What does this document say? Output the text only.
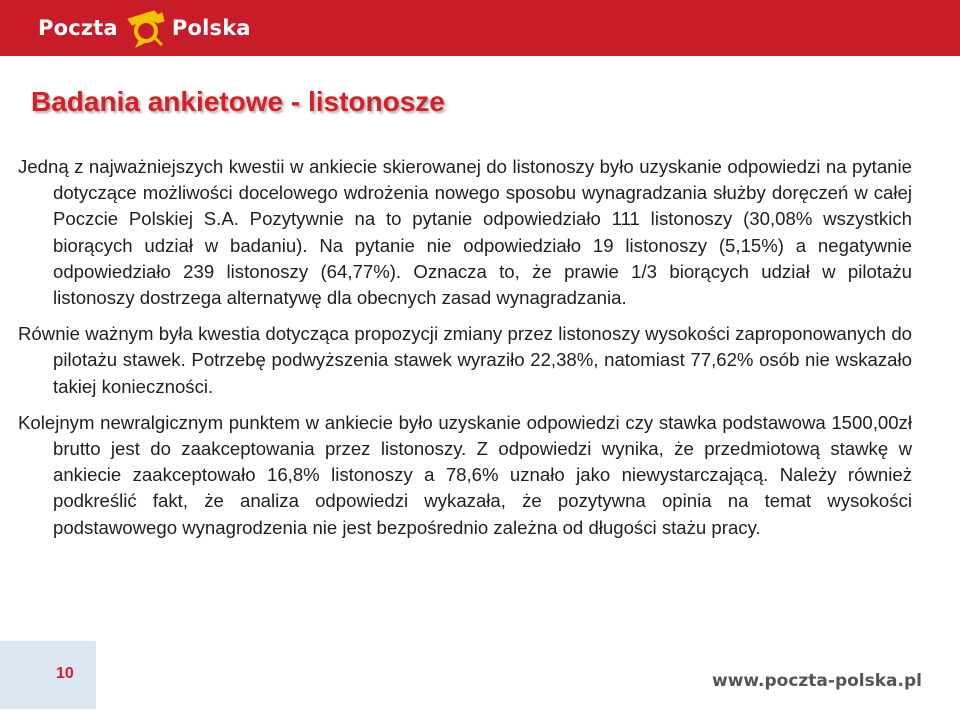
Poczta	Polska
Badania ankietowe - listonosze

Jedną z najważniejszych kwestii w ankiecie skierowanej do listonoszy było uzyskanie odpowiedzi na pytanie dotyczące możliwości docelowego wdrożenia nowego sposobu wynagradzania służby doręczeń w całej Poczcie Polskiej S.A. Pozytywnie na to pytanie odpowiedziało 111 listonoszy (30,08% wszystkich biorących udział w badaniu). Na pytanie nie odpowiedziało 19 listonoszy (5,15%) a negatywnie odpowiedziało 239 listonoszy (64,77%). Oznacza to, że prawie 1/3 biorących udział w pilotażu listonoszy dostrzega alternatywę dla obecnych zasad wynagradzania.

Równie ważnym była kwestia dotycząca propozycji zmiany przez listonoszy wysokości zaproponowanych do pilotażu stawek. Potrzebę podwyższenia stawek wyraziło 22,38%, natomiast 77,62% osób nie wskazało takiej konieczności.

Kolejnym newralgicznym punktem w ankiecie było uzyskanie odpowiedzi czy stawka podstawowa 1500,00zł brutto jest do zaakceptowania przez listonoszy. Z odpowiedzi wynika, że przedmiotową stawkę w ankiecie zaakceptowało 16,8% listonoszy a 78,6% uznało jako niewystarczającą. Należy również podkreślić fakt, że analiza odpowiedzi wykazała, że pozytywna opinia na temat wysokości podstawowego wynagrodzenia nie jest bezpośrednio zależna od długości stażu pracy.

10	www.poczta-polska.pl
